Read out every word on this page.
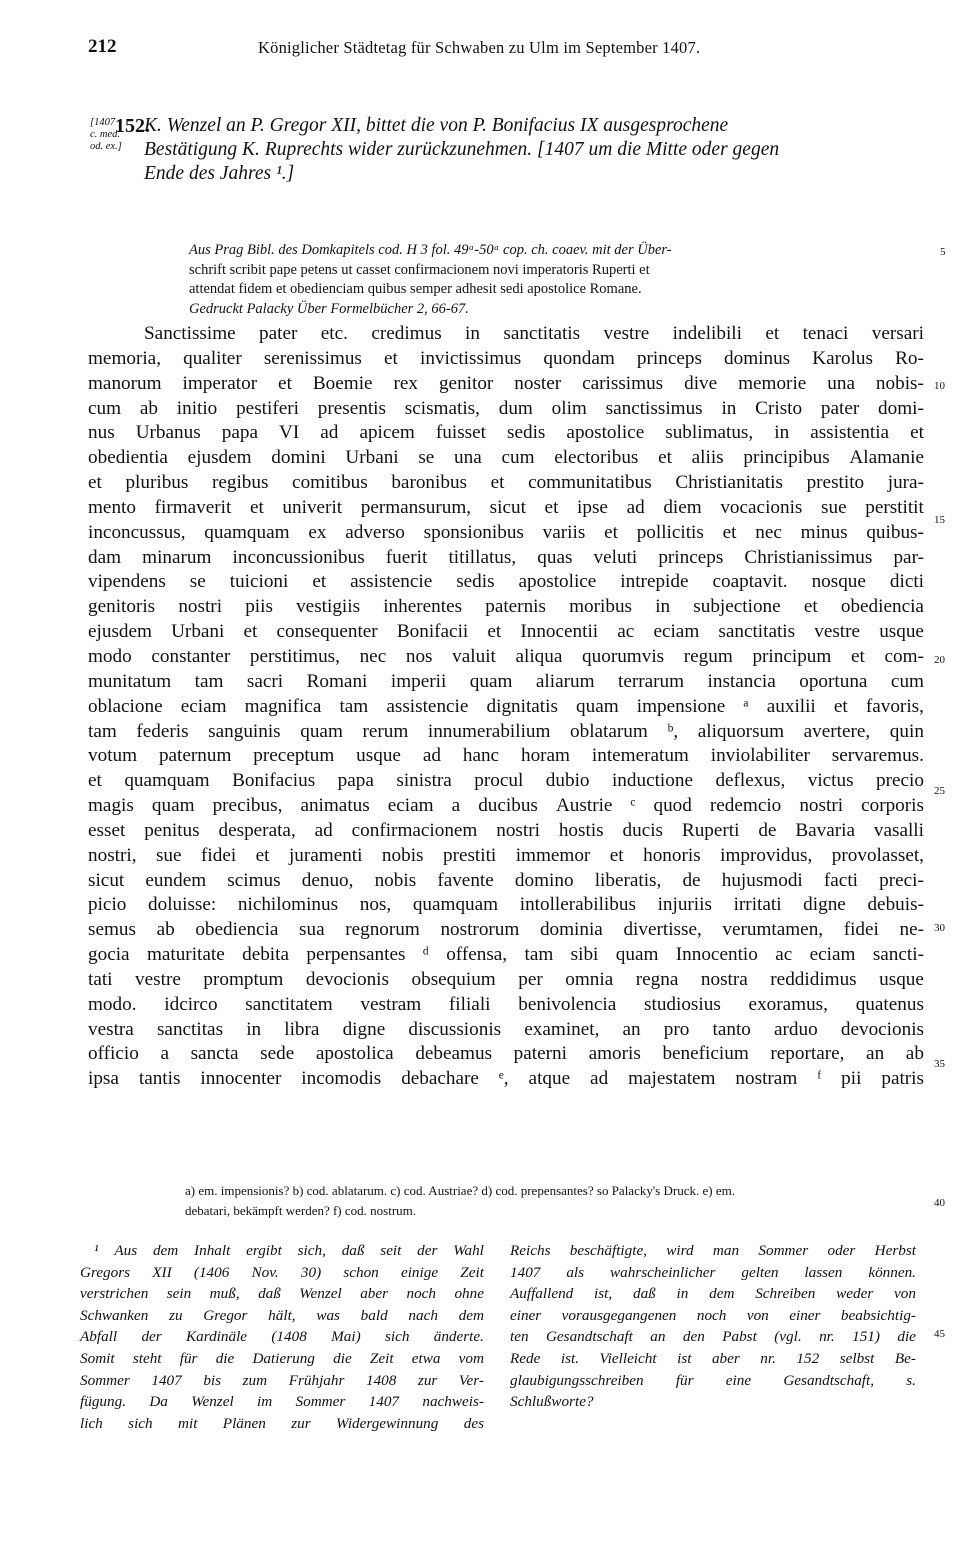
212	Königlicher Städtetag für Schwaben zu Ulm im September 1407.
[1407
c. med.
od. ex.]
152.
K. Wenzel an P. Gregor XII, bittet die von P. Bonifacius IX ausgesprochene
Bestätigung K. Ruprechts wider zurückzunehmen. [1407 um die Mitte oder gegen
Ende des Jahres ¹.]
Aus Prag Bibl. des Domkapitels cod. H 3 fol. 49ᵃ-50ᵃ cop. ch. coaev. mit der Über-
schrift scribit pape petens ut casset confirmacionem novi imperatoris Ruperti et
attendat fidem et obedienciam quibus semper adhesit sedi apostolice Romane.
Gedruckt Palacky Über Formelbücher 2, 66-67.
Sanctissime pater etc. credimus in sanctitatis vestre indelibili et tenaci versari
memoria, qualiter serenissimus et invictissimus quondam princeps dominus Karolus Ro-
manorum imperator et Boemie rex genitor noster carissimus dive memorie una nobis-
cum ab initio pestiferi presentis scismatis, dum olim sanctissimus in Cristo pater domi-
nus Urbanus papa VI ad apicem fuisset sedis apostolice sublimatus, in assistentia et
obedientia ejusdem domini Urbani se una cum electoribus et aliis principibus Alamanie
et pluribus regibus comitibus baronibus et communitatibus Christianitatis prestito jura-
mento firmaverit et univerit permansurum, sicut et ipse ad diem vocacionis sue perstitit
inconcussus, quamquam ex adverso sponsionibus variis et pollicitis et nec minus quibus-
dam minarum inconcussionibus fuerit titillatus, quas veluti princeps Christianissimus par-
vipendens se tuicioni et assistencie sedis apostolice intrepide coaptavit. nosque dicti
genitoris nostri piis vestigiis inherentes paternis moribus in subjectione et obediencia
ejusdem Urbani et consequenter Bonifacii et Innocentii ac eciam sanctitatis vestre usque
modo constanter perstitimus, nec nos valuit aliqua quorumvis regum principum et com-
munitatum tam sacri Romani imperii quam aliarum terrarum instancia oportuna cum
oblacione eciam magnifica tam assistencie dignitatis quam impensione ᵃ auxilii et favoris,
tam federis sanguinis quam rerum innumerabilium oblatarum ᵇ, aliquorsum avertere, quin
votum paternum preceptum usque ad hanc horam intemeratum inviolabiliter servaremus.
et quamquam Bonifacius papa sinistra procul dubio inductione deflexus, victus precio
magis quam precibus, animatus eciam a ducibus Austrie ᶜ quod redemcio nostri corporis
esset penitus desperata, ad confirmacionem nostri hostis ducis Ruperti de Bavaria vasalli
nostri, sue fidei et juramenti nobis prestiti immemor et honoris improvidus, provolasset,
sicut eundem scimus denuo, nobis favente domino liberatis, de hujusmodi facti preci-
picio doluisse: nichilominus nos, quamquam intollerabilibus injuriis irritati digne debuis-
semus ab obediencia sua regnorum nostrorum dominia divertisse, verumtamen, fidei ne-
gocia maturitate debita perpensantes ᵈ offensa, tam sibi quam Innocentio ac eciam sancti-
tati vestre promptum devocionis obsequium per omnia regna nostra reddidimus usque
modo. idcirco sanctitatem vestram filiali benivolencia studiosius exoramus, quatenus
vestra sanctitas in libra digne discussionis examinet, an pro tanto arduo devocionis
officio a sancta sede apostolica debeamus paterni amoris beneficium reportare, an ab
ipsa tantis innocenter incomodis debachare ᵉ, atque ad majestatem nostram ᶠ pii patris
5
10
15
20
25
30
35
40
45
a) em. impensionis? b) cod. ablatarum. c) cod. Austriae? d) cod. prepensantes? so Palacky's Druck. e) em.
debatari, bekämpft werden? f) cod. nostrum.
¹ Aus dem Inhalt ergibt sich, daß seit der Wahl
Gregors XII (1406 Nov. 30) schon einige Zeit
verstrichen sein muß, daß Wenzel aber noch ohne
Schwanken zu Gregor hält, was bald nach dem
Abfall der Kardinäle (1408 Mai) sich änderte.
Somit steht für die Datierung die Zeit etwa vom
Sommer 1407 bis zum Frühjahr 1408 zur Ver-
fügung. Da Wenzel im Sommer 1407 nachweis-
lich sich mit Plänen zur Widergewinnung des
Reichs beschäftigte, wird man Sommer oder Herbst
1407 als wahrscheinlicher gelten lassen können.
Auffallend ist, daß in dem Schreiben weder von
einer vorausgegangenen noch von einer beabsichtig-
ten Gesandtschaft an den Pabst (vgl. nr. 151) die
Rede ist. Vielleicht ist aber nr. 152 selbst Be-
glaubigungsschreiben für eine Gesandtschaft, s.
Schlußworte?
